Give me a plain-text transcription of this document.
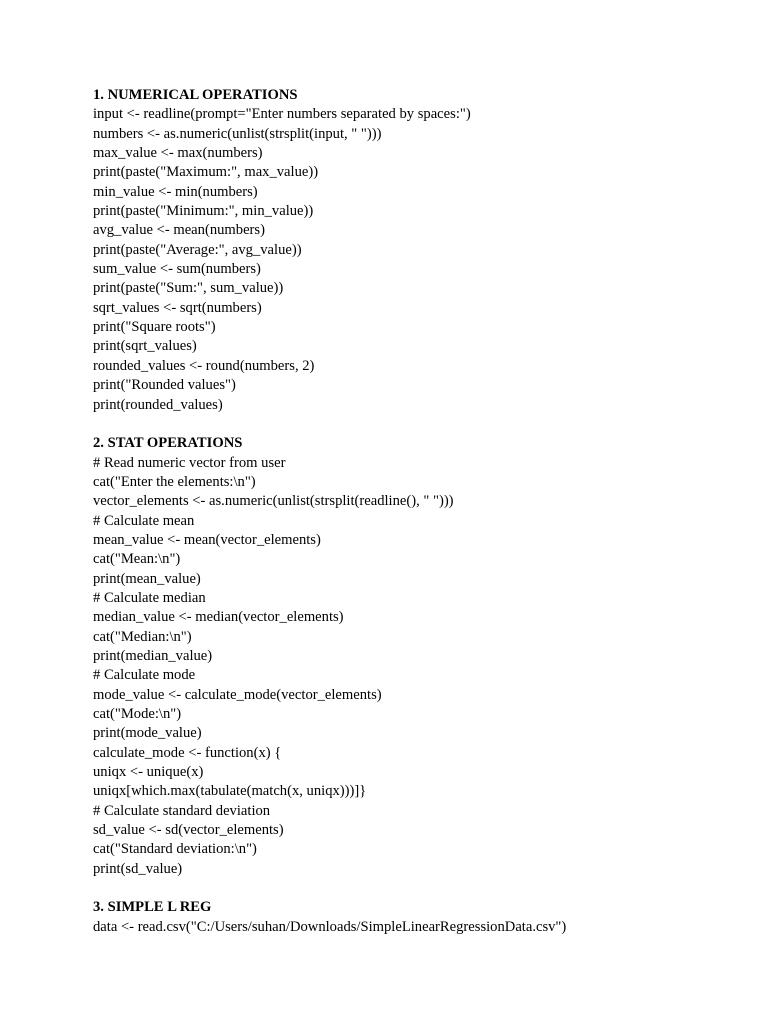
1. NUMERICAL OPERATIONS
input <- readline(prompt="Enter numbers separated by spaces:")
numbers <- as.numeric(unlist(strsplit(input, " ")))
max_value <- max(numbers)
print(paste("Maximum:", max_value))
min_value <- min(numbers)
print(paste("Minimum:", min_value))
avg_value <- mean(numbers)
print(paste("Average:", avg_value))
sum_value <- sum(numbers)
print(paste("Sum:", sum_value))
sqrt_values <- sqrt(numbers)
print("Square roots")
print(sqrt_values)
rounded_values <- round(numbers, 2)
print("Rounded values")
print(rounded_values)
2. STAT OPERATIONS
# Read numeric vector from user
cat("Enter the elements:\n")
vector_elements <- as.numeric(unlist(strsplit(readline(), " ")))
# Calculate mean
mean_value <- mean(vector_elements)
cat("Mean:\n")
print(mean_value)
# Calculate median
median_value <- median(vector_elements)
cat("Median:\n")
print(median_value)
# Calculate mode
mode_value <- calculate_mode(vector_elements)
cat("Mode:\n")
print(mode_value)
calculate_mode <- function(x) {
uniqx <- unique(x)
uniqx[which.max(tabulate(match(x, uniqx)))]}
# Calculate standard deviation
sd_value <- sd(vector_elements)
cat("Standard deviation:\n")
print(sd_value)
3. SIMPLE L REG
data <- read.csv("C:/Users/suhan/Downloads/SimpleLinearRegressionData.csv")
